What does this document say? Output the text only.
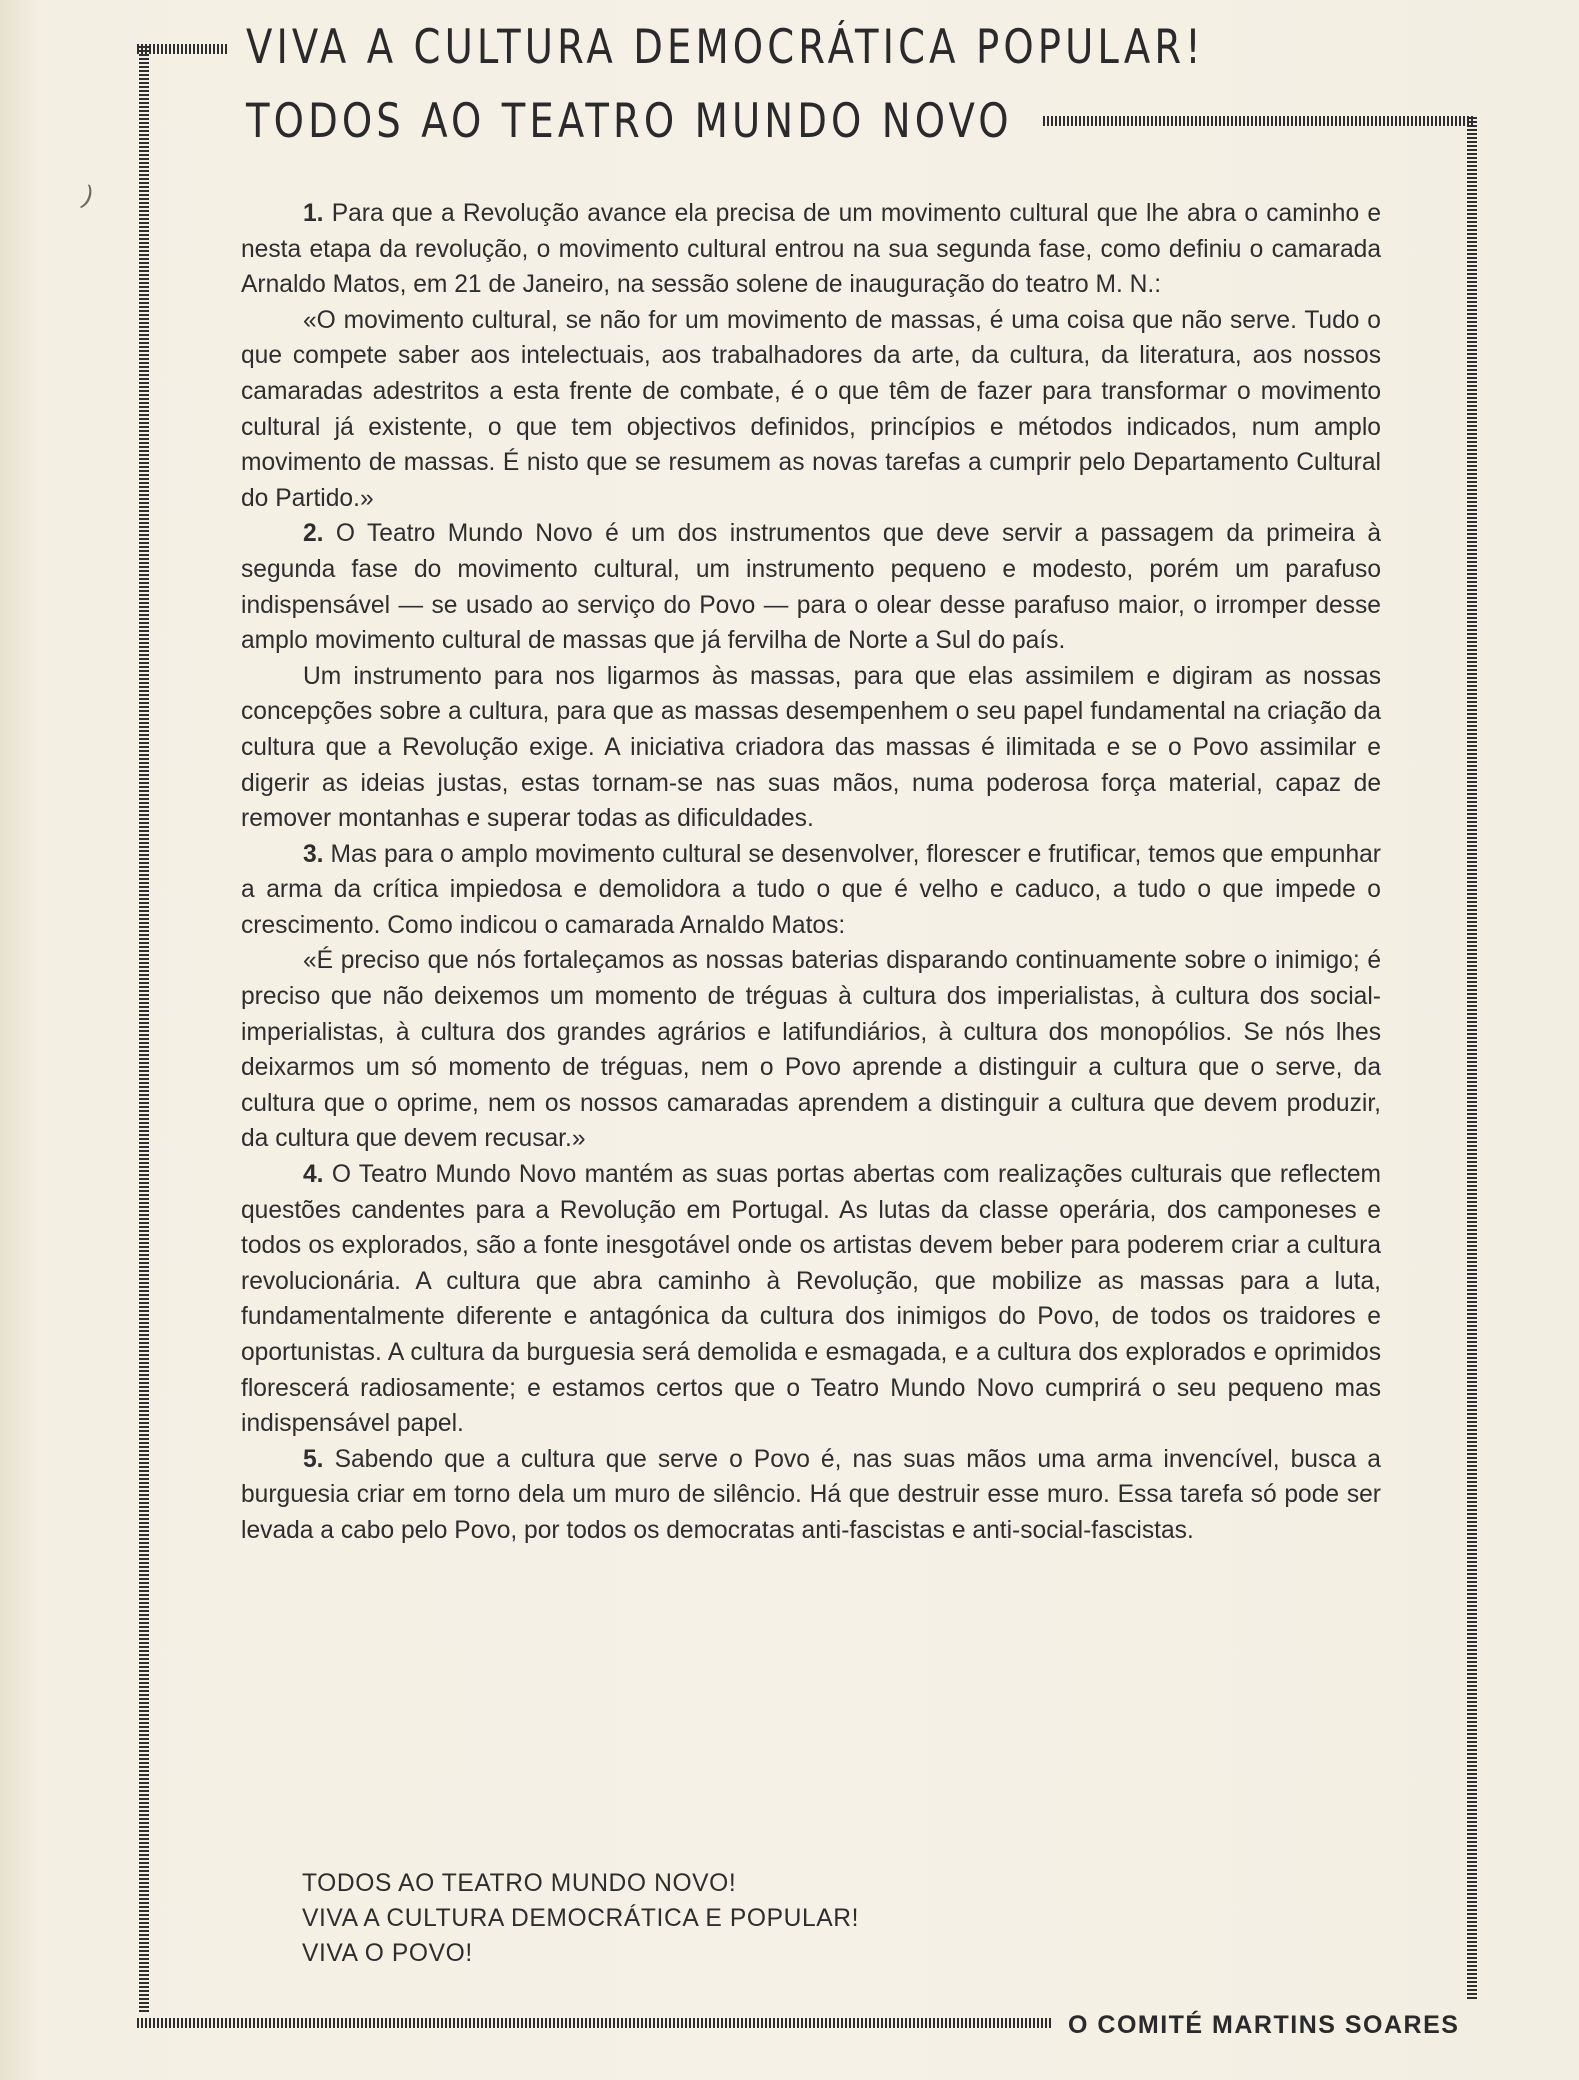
)
VIVA A CULTURA DEMOCRÁTICA POPULAR!
TODOS AO TEATRO MUNDO NOVO

1. Para que a Revolução avance ela precisa de um movimento cultural que lhe abra o caminho e nesta etapa da revolução, o movimento cultural entrou na sua segunda fase, como definiu o camarada Arnaldo Matos, em 21 de Janeiro, na sessão solene de inauguração do teatro M. N.:

«O movimento cultural, se não for um movimento de massas, é uma coisa que não serve. Tudo o que compete saber aos intelectuais, aos trabalhadores da arte, da cultura, da literatura, aos nossos camaradas adestritos a esta frente de combate, é o que têm de fazer para transformar o movimento cultural já existente, o que tem objectivos definidos, princípios e métodos indicados, num amplo movimento de massas. É nisto que se resumem as novas tarefas a cumprir pelo Departamento Cultural do Partido.»

2. O Teatro Mundo Novo é um dos instrumentos que deve servir a passagem da primeira à segunda fase do movimento cultural, um instrumento pequeno e modesto, porém um parafuso indispensável — se usado ao serviço do Povo — para o olear desse parafuso maior, o irromper desse amplo movimento cultural de massas que já fervilha de Norte a Sul do país.

Um instrumento para nos ligarmos às massas, para que elas assimilem e digiram as nossas concepções sobre a cultura, para que as massas desempenhem o seu papel fundamental na criação da cultura que a Revolução exige. A iniciativa criadora das massas é ilimitada e se o Povo assimilar e digerir as ideias justas, estas tornam-se nas suas mãos, numa poderosa força material, capaz de remover montanhas e superar todas as dificuldades.

3. Mas para o amplo movimento cultural se desenvolver, florescer e frutificar, temos que empunhar a arma da crítica impiedosa e demolidora a tudo o que é velho e caduco, a tudo o que impede o crescimento. Como indicou o camarada Arnaldo Matos:

«É preciso que nós fortaleçamos as nossas baterias disparando continuamente sobre o inimigo; é preciso que não deixemos um momento de tréguas à cultura dos imperialistas, à cultura dos social-imperialistas, à cultura dos grandes agrários e latifundiários, à cultura dos monopólios. Se nós lhes deixarmos um só momento de tréguas, nem o Povo aprende a distinguir a cultura que o serve, da cultura que o oprime, nem os nossos camaradas aprendem a distinguir a cultura que devem produzir, da cultura que devem recusar.»

4. O Teatro Mundo Novo mantém as suas portas abertas com realizações culturais que reflectem questões candentes para a Revolução em Portugal. As lutas da classe operária, dos camponeses e todos os explorados, são a fonte inesgotável onde os artistas devem beber para poderem criar a cultura revolucionária. A cultura que abra caminho à Revolução, que mobilize as massas para a luta, fundamentalmente diferente e antagónica da cultura dos inimigos do Povo, de todos os traidores e oportunistas. A cultura da burguesia será demolida e esmagada, e a cultura dos explorados e oprimidos florescerá radiosamente; e estamos certos que o Teatro Mundo Novo cumprirá o seu pequeno mas indispensável papel.

5. Sabendo que a cultura que serve o Povo é, nas suas mãos uma arma invencível, busca a burguesia criar em torno dela um muro de silêncio. Há que destruir esse muro. Essa tarefa só pode ser levada a cabo pelo Povo, por todos os democratas anti-fascistas e anti-social-fascistas.

TODOS AO TEATRO MUNDO NOVO!
VIVA A CULTURA DEMOCRÁTICA E POPULAR!
VIVA O POVO!
O COMITÉ MARTINS SOARES
